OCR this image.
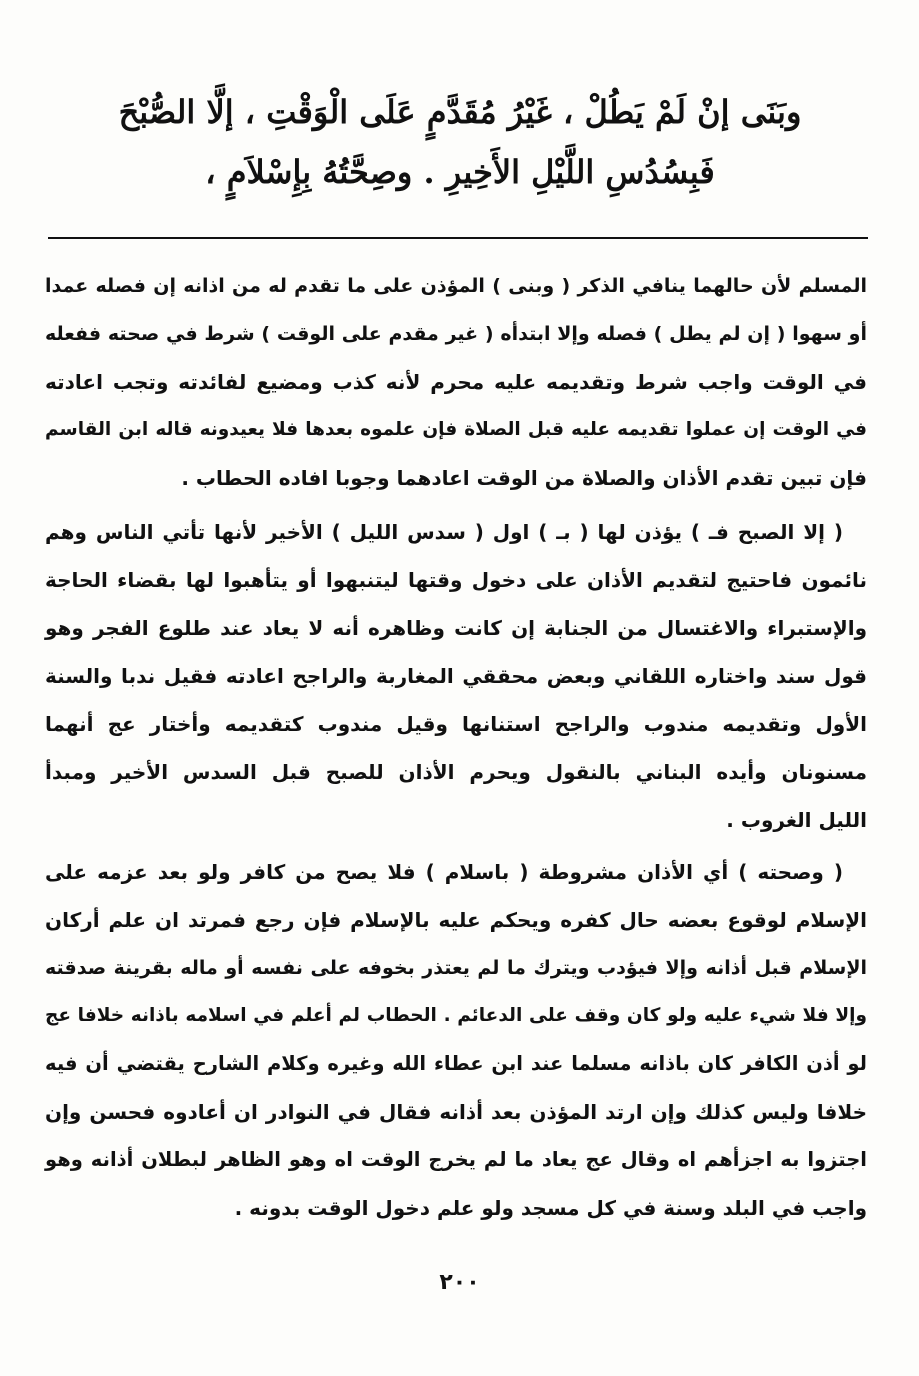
وبَنَى إنْ لَمْ يَطُلْ ، غَيْرُ مُقَدَّمٍ عَلَى الْوَقْتِ ، إلَّا الصُّبْحَ
فَبِسُدُسِ اللَّيْلِ الأَخِيرِ . وصِحَّتُهُ بِإِسْلاَمٍ ،
المسلم لأن حالهما ينافي الذكر ( وبنى ) المؤذن على ما تقدم له من اذانه إن فصله عمدا
أو سهوا ( إن لم يطل ) فصله وإلا ابتدأه ( غير مقدم على الوقت ) شرط في صحته ففعله
في الوقت واجب شرط وتقديمه عليه محرم لأنه كذب ومضيع لفائدته وتجب اعادته
في الوقت إن عملوا تقديمه عليه قبل الصلاة فإن علموه بعدها فلا يعيدونه قاله ابن القاسم
فإن تبين تقدم الأذان والصلاة من الوقت اعادهما وجوبا افاده الحطاب .
( إلا الصبح فـ ) يؤذن لها ( بـ ) اول ( سدس الليل ) الأخير لأنها تأتي الناس وهم
نائمون فاحتيج لتقديم الأذان على دخول وقتها ليتنبهوا أو يتأهبوا لها بقضاء الحاجة
والإستبراء والاغتسال من الجنابة إن كانت وظاهره أنه لا يعاد عند طلوع الفجر وهو
قول سند واختاره اللقاني وبعض محققي المغاربة والراجح اعادته فقيل ندبا والسنة
الأول وتقديمه مندوب والراجح استنانها وقيل مندوب كتقديمه وأختار عج أنهما
مسنونان وأيده البناني بالنقول ويحرم الأذان للصبح قبل السدس الأخير ومبدأ
الليل الغروب .
( وصحته ) أي الأذان مشروطة ( باسلام ) فلا يصح من كافر ولو بعد عزمه على
الإسلام لوقوع بعضه حال كفره ويحكم عليه بالإسلام فإن رجع فمرتد ان علم أركان
الإسلام قبل أذانه وإلا فيؤدب ويترك ما لم يعتذر بخوفه على نفسه أو ماله بقرينة صدقته
وإلا فلا شيء عليه ولو كان وقف على الدعائم . الحطاب لم أعلم في اسلامه باذانه خلافا عج
لو أذن الكافر كان باذانه مسلما عند ابن عطاء الله وغيره وكلام الشارح يقتضي أن فيه
خلافا وليس كذلك وإن ارتد المؤذن بعد أذانه فقال في النوادر ان أعادوه فحسن وإن
اجتزوا به اجزأهم اه وقال عج يعاد ما لم يخرج الوقت اه وهو الظاهر لبطلان أذانه وهو
واجب في البلد وسنة في كل مسجد ولو علم دخول الوقت بدونه .
٢٠٠
